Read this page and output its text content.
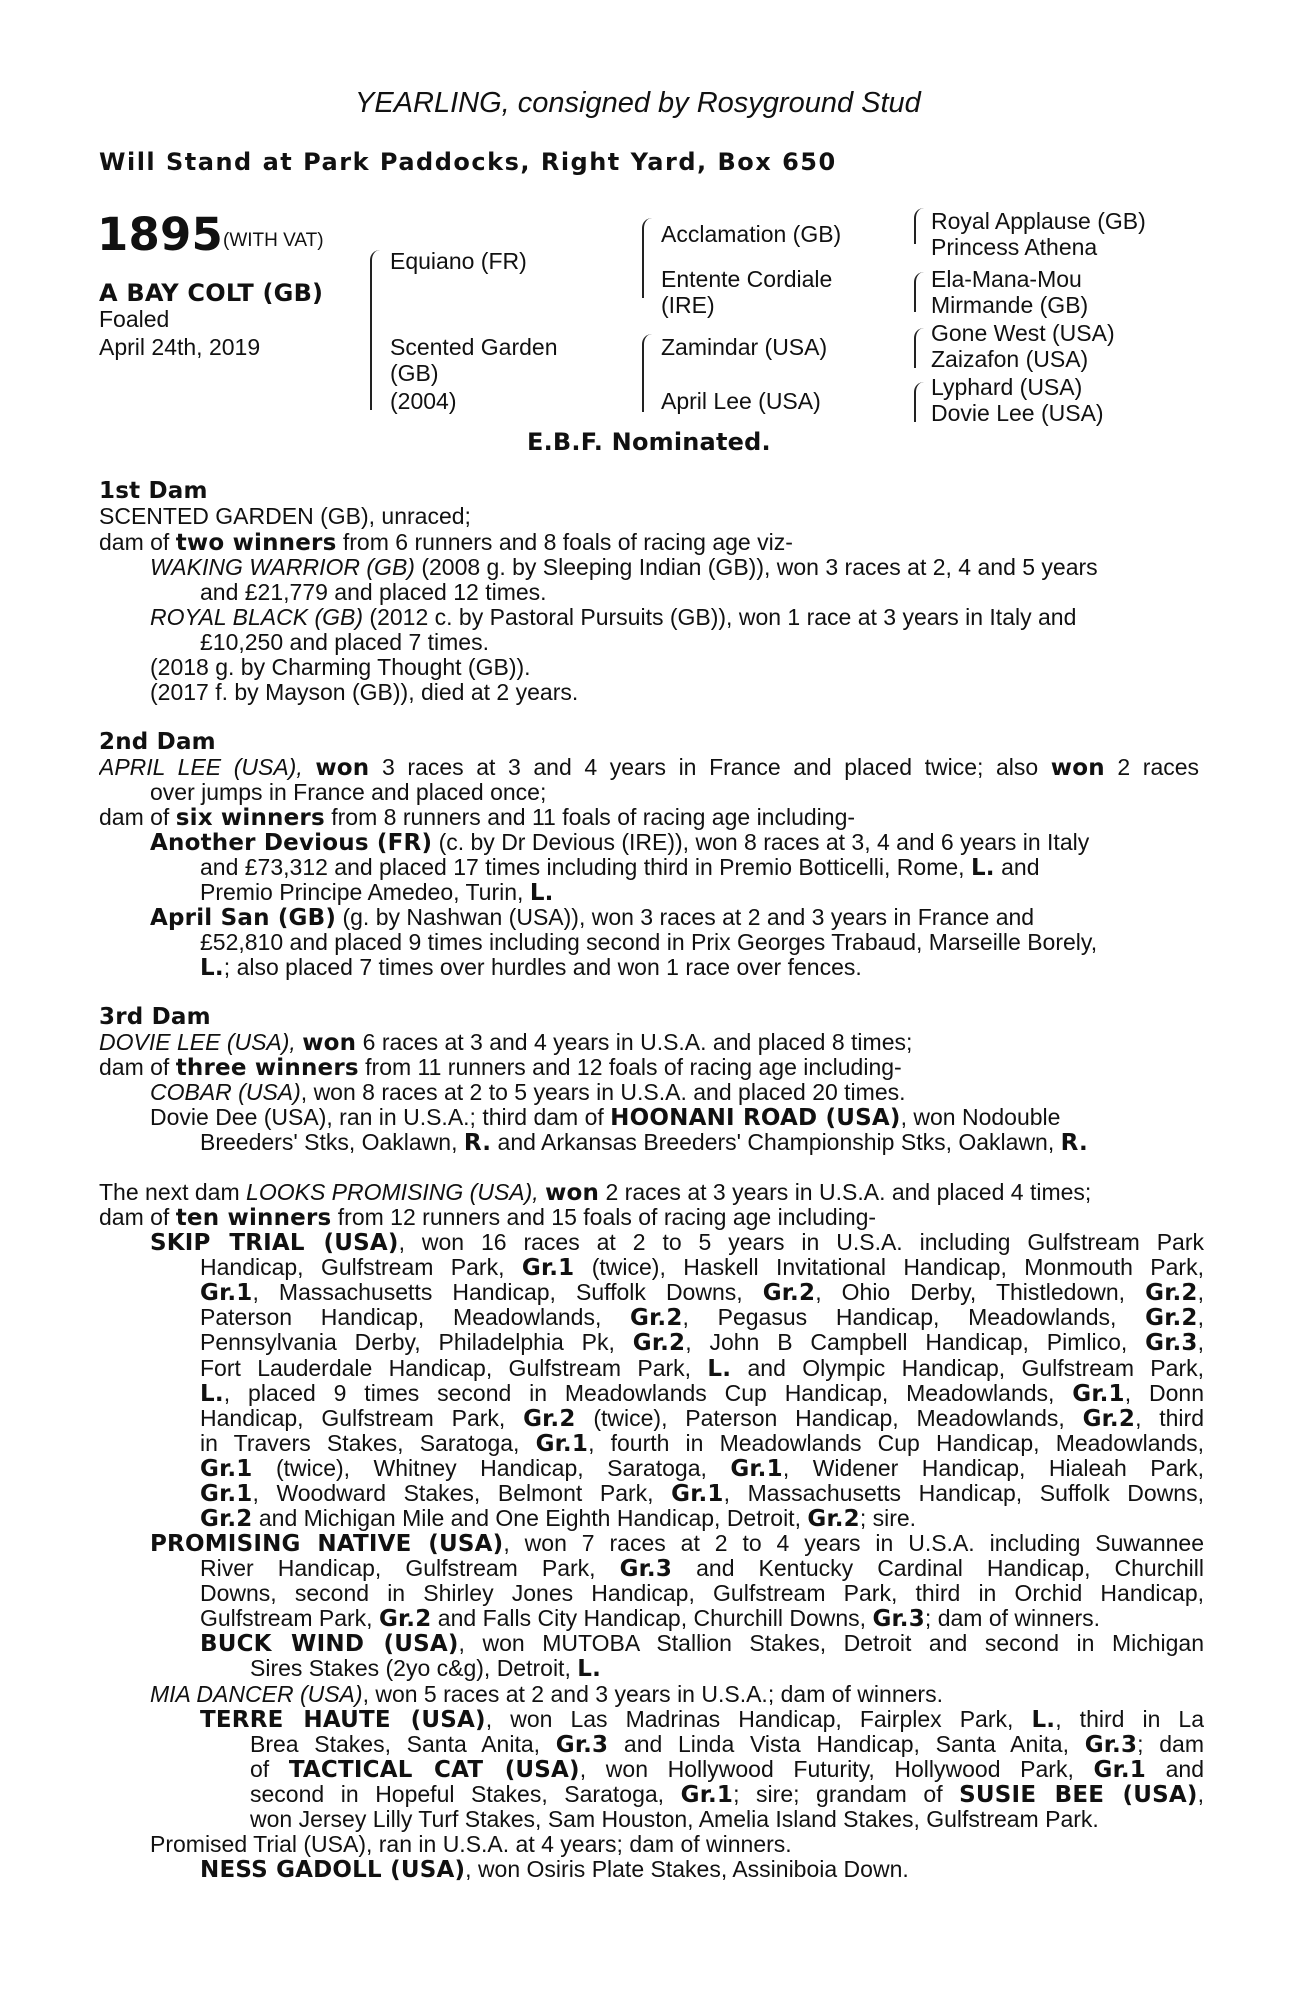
YEARLING, consigned by Rosyground Stud
Will Stand at Park Paddocks, Right Yard, Box 650
1895 (WITH VAT)
A BAY COLT (GB)
Foaled
April 24th, 2019
Equiano (FR)
Scented Garden
(GB)
(2004)
Acclamation (GB)
Entente Cordiale
(IRE)
Zamindar (USA)
April Lee (USA)
Royal Applause (GB)
Princess Athena
Ela-Mana-Mou
Mirmande (GB)
Gone West (USA)
Zaizafon (USA)
Lyphard (USA)
Dovie Lee (USA)
E.B.F. Nominated.
1st Dam
SCENTED GARDEN (GB), unraced;
dam of two winners from 6 runners and 8 foals of racing age viz-
WAKING WARRIOR (GB) (2008 g. by Sleeping Indian (GB)), won 3 races at 2, 4 and 5 years
and £21,779 and placed 12 times.
ROYAL BLACK (GB) (2012 c. by Pastoral Pursuits (GB)), won 1 race at 3 years in Italy and
£10,250 and placed 7 times.
(2018 g. by Charming Thought (GB)).
(2017 f. by Mayson (GB)), died at 2 years.
2nd Dam
APRIL LEE (USA), won 3 races at 3 and 4 years in France and placed twice; also won 2 races
over jumps in France and placed once;
dam of six winners from 8 runners and 11 foals of racing age including-
Another Devious (FR) (c. by Dr Devious (IRE)), won 8 races at 3, 4 and 6 years in Italy
and £73,312 and placed 17 times including third in Premio Botticelli, Rome, L. and
Premio Principe Amedeo, Turin, L.
April San (GB) (g. by Nashwan (USA)), won 3 races at 2 and 3 years in France and
£52,810 and placed 9 times including second in Prix Georges Trabaud, Marseille Borely,
L.; also placed 7 times over hurdles and won 1 race over fences.
3rd Dam
DOVIE LEE (USA), won 6 races at 3 and 4 years in U.S.A. and placed 8 times;
dam of three winners from 11 runners and 12 foals of racing age including-
COBAR (USA), won 8 races at 2 to 5 years in U.S.A. and placed 20 times.
Dovie Dee (USA), ran in U.S.A.; third dam of HOONANI ROAD (USA), won Nodouble
Breeders' Stks, Oaklawn, R. and Arkansas Breeders' Championship Stks, Oaklawn, R.
The next dam LOOKS PROMISING (USA), won 2 races at 3 years in U.S.A. and placed 4 times;
dam of ten winners from 12 runners and 15 foals of racing age including-
SKIP TRIAL (USA), won 16 races at 2 to 5 years in U.S.A. including Gulfstream Park
Handicap, Gulfstream Park, Gr.1 (twice), Haskell Invitational Handicap, Monmouth Park,
Gr.1, Massachusetts Handicap, Suffolk Downs, Gr.2, Ohio Derby, Thistledown, Gr.2,
Paterson Handicap, Meadowlands, Gr.2, Pegasus Handicap, Meadowlands, Gr.2,
Pennsylvania Derby, Philadelphia Pk, Gr.2, John B Campbell Handicap, Pimlico, Gr.3,
Fort Lauderdale Handicap, Gulfstream Park, L. and Olympic Handicap, Gulfstream Park,
L., placed 9 times second in Meadowlands Cup Handicap, Meadowlands, Gr.1, Donn
Handicap, Gulfstream Park, Gr.2 (twice), Paterson Handicap, Meadowlands, Gr.2, third
in Travers Stakes, Saratoga, Gr.1, fourth in Meadowlands Cup Handicap, Meadowlands,
Gr.1 (twice), Whitney Handicap, Saratoga, Gr.1, Widener Handicap, Hialeah Park,
Gr.1, Woodward Stakes, Belmont Park, Gr.1, Massachusetts Handicap, Suffolk Downs,
Gr.2 and Michigan Mile and One Eighth Handicap, Detroit, Gr.2; sire.
PROMISING NATIVE (USA), won 7 races at 2 to 4 years in U.S.A. including Suwannee
River Handicap, Gulfstream Park, Gr.3 and Kentucky Cardinal Handicap, Churchill
Downs, second in Shirley Jones Handicap, Gulfstream Park, third in Orchid Handicap,
Gulfstream Park, Gr.2 and Falls City Handicap, Churchill Downs, Gr.3; dam of winners.
BUCK WIND (USA), won MUTOBA Stallion Stakes, Detroit and second in Michigan
Sires Stakes (2yo c&g), Detroit, L.
MIA DANCER (USA), won 5 races at 2 and 3 years in U.S.A.; dam of winners.
TERRE HAUTE (USA), won Las Madrinas Handicap, Fairplex Park, L., third in La
Brea Stakes, Santa Anita, Gr.3 and Linda Vista Handicap, Santa Anita, Gr.3; dam
of TACTICAL CAT (USA), won Hollywood Futurity, Hollywood Park, Gr.1 and
second in Hopeful Stakes, Saratoga, Gr.1; sire; grandam of SUSIE BEE (USA),
won Jersey Lilly Turf Stakes, Sam Houston, Amelia Island Stakes, Gulfstream Park.
Promised Trial (USA), ran in U.S.A. at 4 years; dam of winners.
NESS GADOLL (USA), won Osiris Plate Stakes, Assiniboia Down.
